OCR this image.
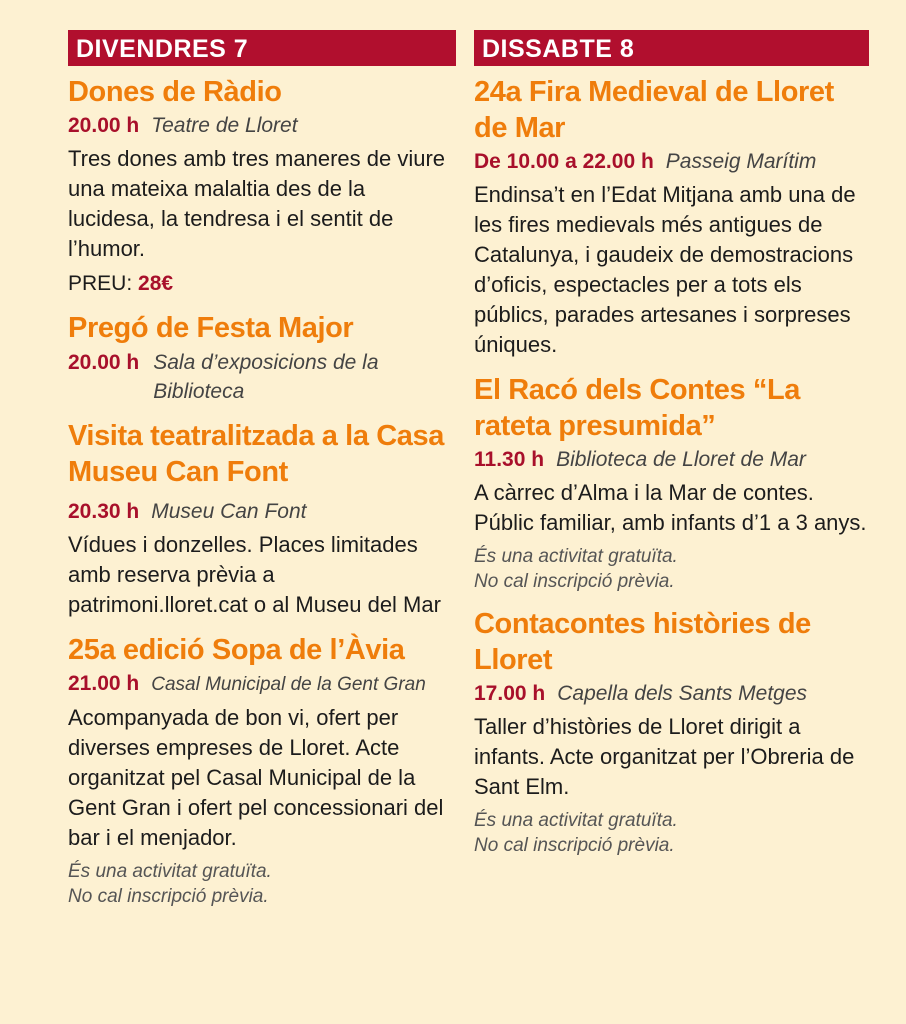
DIVENDRES 7
Dones de Ràdio
20.00 h Teatre de Lloret
Tres dones amb tres maneres de viure una mateixa malaltia des de la lucidesa, la tendresa i el sentit de l’humor.
PREU: 28€
Pregó de Festa Major
20.00 h Sala d’exposicions de la Biblioteca
Visita teatralitzada a la Casa Museu Can Font
20.30 h Museu Can Font
Vídues i donzelles. Places limitades amb reserva prèvia a patrimoni.lloret.cat o al Museu del Mar
25a edició Sopa de l’Àvia
21.00 h Casal Municipal de la Gent Gran
Acompanyada de bon vi, ofert per diverses empreses de Lloret. Acte organitzat pel Casal Municipal de la Gent Gran i ofert pel concessionari del bar i el menjador.
És una activitat gratuïta.
No cal inscripció prèvia.
DISSABTE 8
24a Fira Medieval de Lloret de Mar
De 10.00 a 22.00 h Passeig Marítim
Endinsa’t en l’Edat Mitjana amb una de les fires medievals més antigues de Catalunya, i gaudeix de demostracions d’oficis, espectacles per a tots els públics, parades artesanes i sorpreses úniques.
El Racó dels Contes “La rateta presumida”
11.30 h Biblioteca de Lloret de Mar
A càrrec d’Alma i la Mar de contes. Públic familiar, amb infants d’1 a 3 anys.
És una activitat gratuïta.
No cal inscripció prèvia.
Contacontes històries de Lloret
17.00 h Capella dels Sants Metges
Taller d’històries de Lloret dirigit a infants. Acte organitzat per l’Obreria de Sant Elm.
És una activitat gratuïta.
No cal inscripció prèvia.
